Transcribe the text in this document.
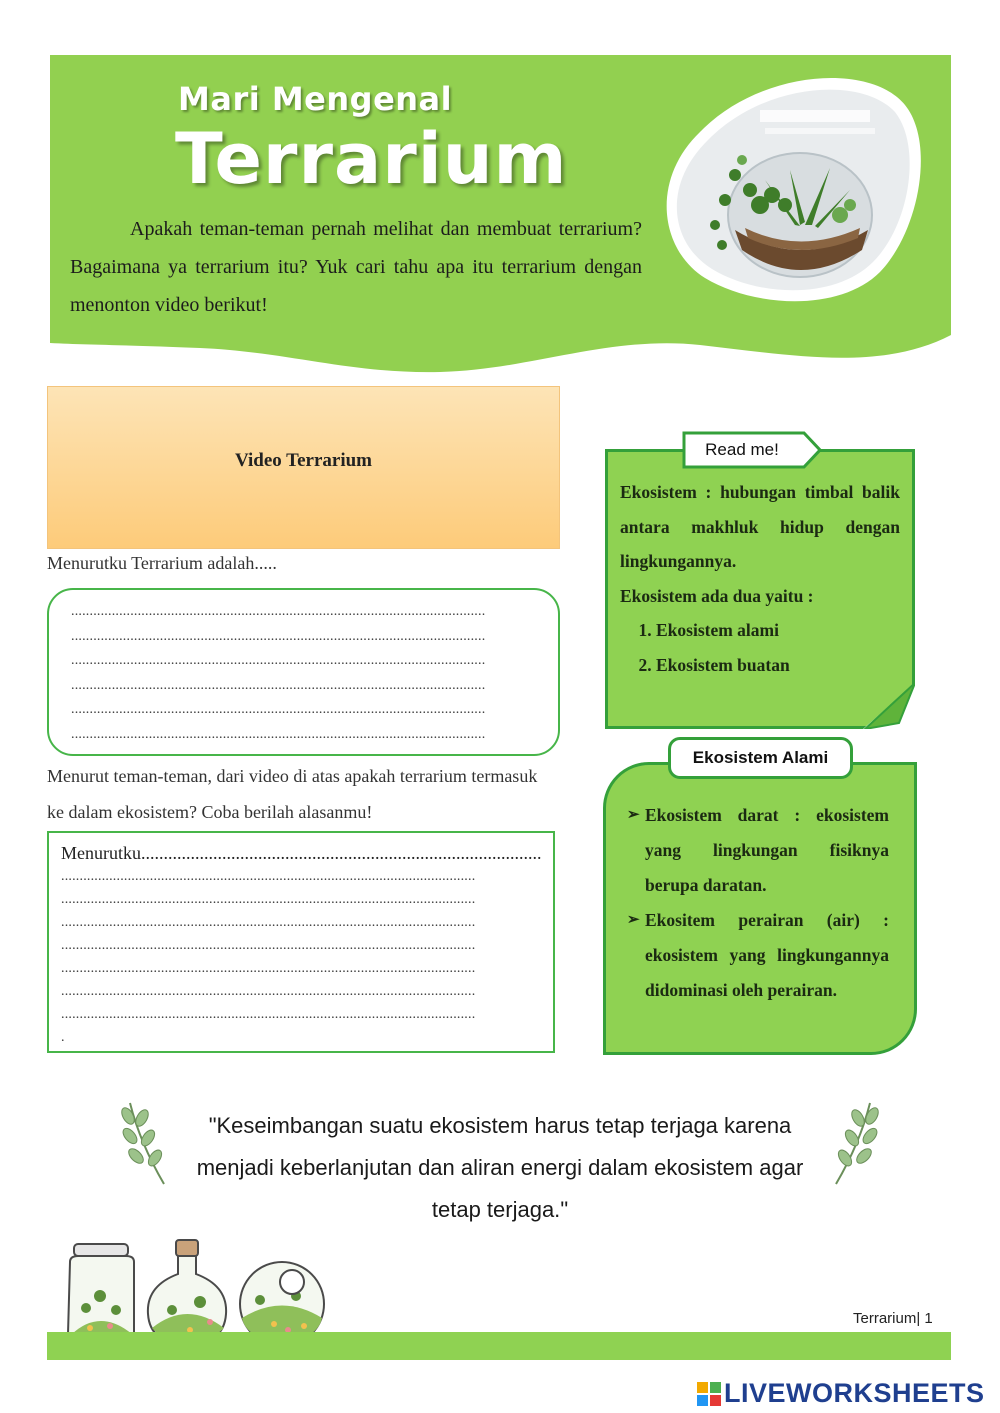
Mari Mengenal
Terrarium
Apakah teman-teman pernah melihat dan membuat terrarium? Bagaimana ya terrarium itu? Yuk cari tahu apa itu terrarium dengan menonton video berikut!
Video Terrarium
Menurutku Terrarium adalah.....
................................................................................................................
................................................................................................................
................................................................................................................
................................................................................................................
................................................................................................................
................................................................................................................
Menurut teman-teman, dari video di atas apakah terrarium termasuk ke dalam ekosistem? Coba berilah alasanmu!
Menurutku.........................................................................................
................................................................................................................
................................................................................................................
................................................................................................................
................................................................................................................
................................................................................................................
................................................................................................................
................................................................................................................
.
Read me!
Ekosistem : hubungan timbal balik antara makhluk hidup dengan lingkungannya.
Ekosistem ada dua yaitu :
1. Ekosistem alami
2. Ekosistem buatan
Ekosistem Alami
➢ Ekosistem darat : ekosistem yang lingkungan fisiknya berupa daratan.
➢ Ekositem perairan (air) : ekosistem yang lingkungannya didominasi oleh perairan.
"Keseimbangan suatu ekosistem harus tetap terjaga karena menjadi keberlanjutan dan aliran energi dalam ekosistem agar tetap terjaga."
Terrarium| 1
LIVEWORKSHEETS
